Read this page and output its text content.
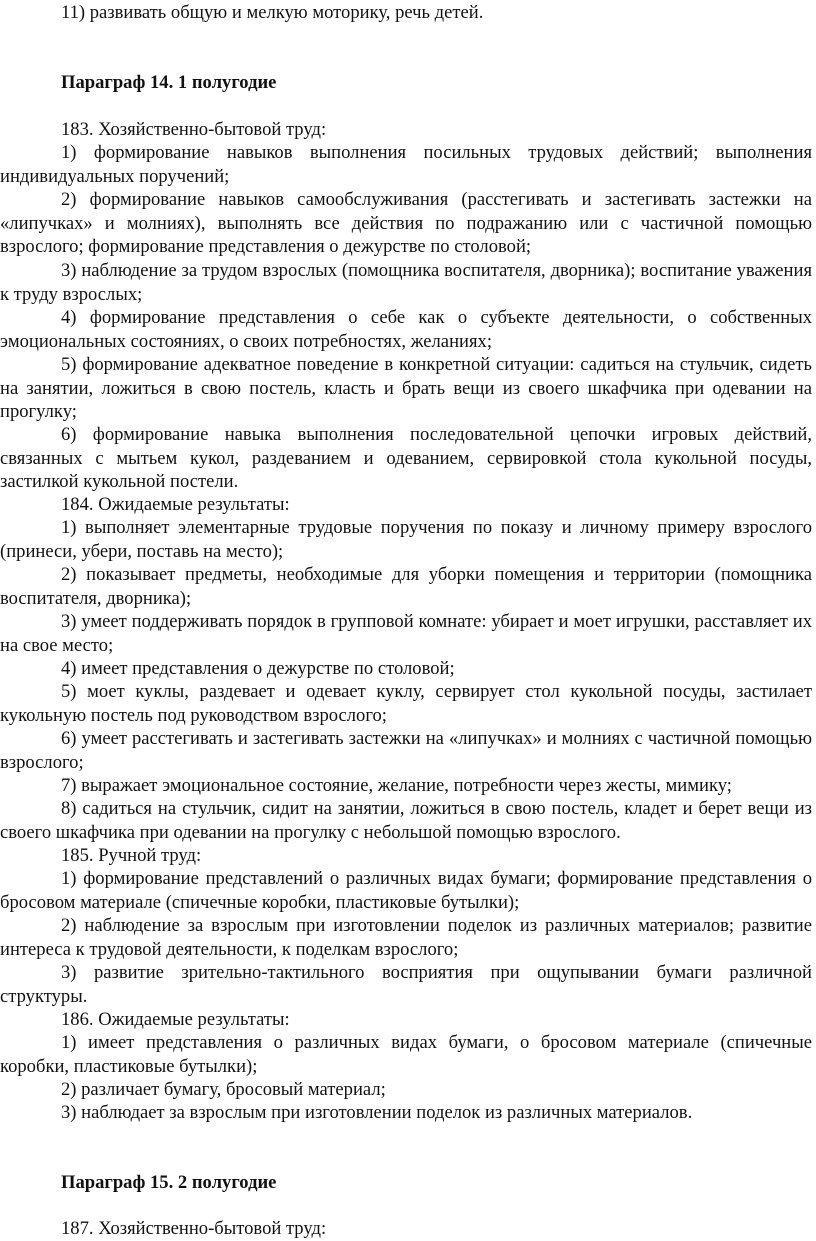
11) развивать общую и мелкую моторику, речь детей.

Параграф 14. 1 полугодие

183. Хозяйственно-бытовой труд:

1) формирование навыков выполнения посильных трудовых действий; выполнения индивидуальных поручений;

2) формирование навыков самообслуживания (расстегивать и застегивать застежки на «липучках» и молниях), выполнять все действия по подражанию или с частичной помощью взрослого; формирование представления о дежурстве по столовой;

3) наблюдение за трудом взрослых (помощника воспитателя, дворника); воспитание уважения к труду взрослых;

4) формирование представления о себе как о субъекте деятельности, о собственных эмоциональных состояниях, о своих потребностях, желаниях;

5) формирование адекватное поведение в конкретной ситуации: садиться на стульчик, сидеть на занятии, ложиться в свою постель, класть и брать вещи из своего шкафчика при одевании на прогулку;

6) формирование навыка выполнения последовательной цепочки игровых действий, связанных с мытьем кукол, раздеванием и одеванием, сервировкой стола кукольной посуды, застилкой кукольной постели.

184. Ожидаемые результаты:

1) выполняет элементарные трудовые поручения по показу и личному примеру взрослого (принеси, убери, поставь на место);

2) показывает предметы, необходимые для уборки помещения и территории (помощника воспитателя, дворника);

3) умеет поддерживать порядок в групповой комнате: убирает и моет игрушки, расставляет их на свое место;

4) имеет представления о дежурстве по столовой;

5) моет куклы, раздевает и одевает куклу, сервирует стол кукольной посуды, застилает кукольную постель под руководством взрослого;

6) умеет расстегивать и застегивать застежки на «липучках» и молниях с частичной помощью взрослого;

7) выражает эмоциональное состояние, желание, потребности через жесты, мимику;

8) садиться на стульчик, сидит на занятии, ложиться в свою постель, кладет и берет вещи из своего шкафчика при одевании на прогулку с небольшой помощью взрослого.

185. Ручной труд:

1) формирование представлений о различных видах бумаги; формирование представления о бросовом материале (спичечные коробки, пластиковые бутылки);

2) наблюдение за взрослым при изготовлении поделок из различных материалов; развитие интереса к трудовой деятельности, к поделкам взрослого;

3) развитие зрительно-тактильного восприятия при ощупывании бумаги различной структуры.

186. Ожидаемые результаты:

1) имеет представления о различных видах бумаги, о бросовом материале (спичечные коробки, пластиковые бутылки);

2) различает бумагу, бросовый материал;

3) наблюдает за взрослым при изготовлении поделок из различных материалов.

Параграф 15. 2 полугодие

187. Хозяйственно-бытовой труд:
